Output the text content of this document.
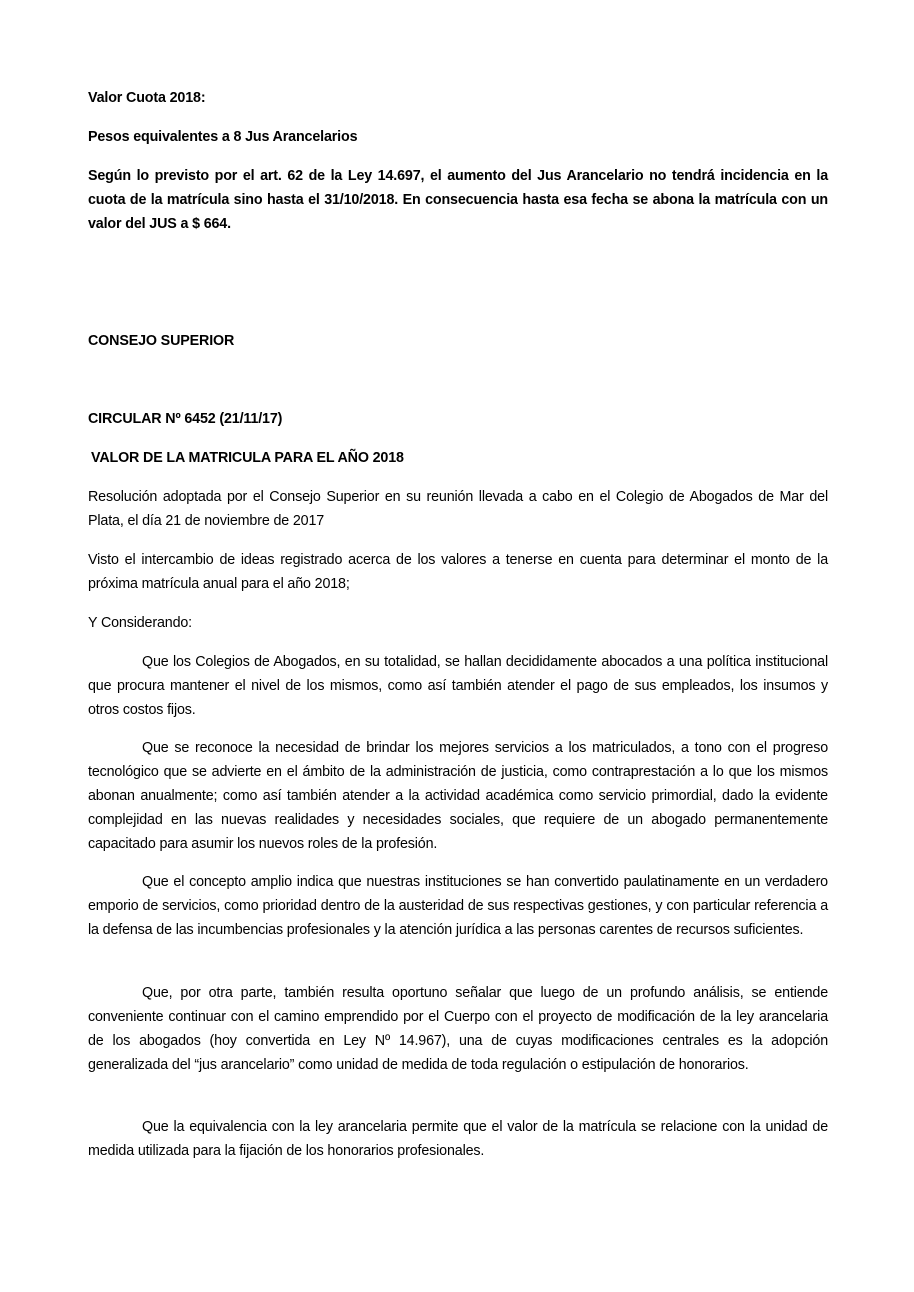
Valor Cuota 2018:

Pesos equivalentes a 8 Jus Arancelarios

Según lo previsto por el art. 62 de la Ley 14.697, el aumento del Jus Arancelario no tendrá incidencia en la cuota de la matrícula sino hasta el 31/10/2018. En consecuencia hasta esa fecha se abona la matrícula con un valor del JUS a $ 664.

CONSEJO SUPERIOR

CIRCULAR Nº 6452 (21/11/17)

VALOR DE LA MATRICULA PARA EL AÑO 2018

Resolución adoptada por el Consejo Superior en su reunión llevada a cabo en el Colegio de Abogados de Mar del Plata, el día 21 de noviembre de 2017

Visto el intercambio de ideas registrado acerca de los valores a tenerse en cuenta para determinar el monto de la próxima matrícula anual para el año 2018;

Y Considerando:

Que los Colegios de Abogados, en su totalidad, se hallan decididamente abocados a una política institucional que procura mantener el nivel de los mismos, como así también atender el pago de sus empleados, los insumos y otros costos fijos.

Que se reconoce la necesidad de brindar los mejores servicios a los matriculados, a tono con el progreso tecnológico que se advierte en el ámbito de la administración de justicia, como contraprestación a lo que los mismos abonan anualmente; como así también atender a la actividad académica como servicio primordial, dado la evidente complejidad en las nuevas realidades y necesidades sociales, que requiere de un abogado permanentemente capacitado para asumir los nuevos roles de la profesión.

Que el concepto amplio indica que nuestras instituciones se han convertido paulatinamente en un verdadero emporio de servicios, como prioridad dentro de la austeridad de sus respectivas gestiones, y con particular referencia a la defensa de las incumbencias profesionales y la atención jurídica a las personas carentes de recursos suficientes.

Que, por otra parte, también resulta oportuno señalar que luego de un profundo análisis, se entiende conveniente continuar con el camino emprendido por el Cuerpo con el proyecto de modificación de la ley arancelaria de los abogados (hoy convertida en Ley Nº 14.967), una de cuyas modificaciones centrales es la adopción generalizada del “jus arancelario” como unidad de medida de toda regulación o estipulación de honorarios.

Que la equivalencia con la ley arancelaria permite que el valor de la matrícula se relacione con la unidad de medida utilizada para la fijación de los honorarios profesionales.
